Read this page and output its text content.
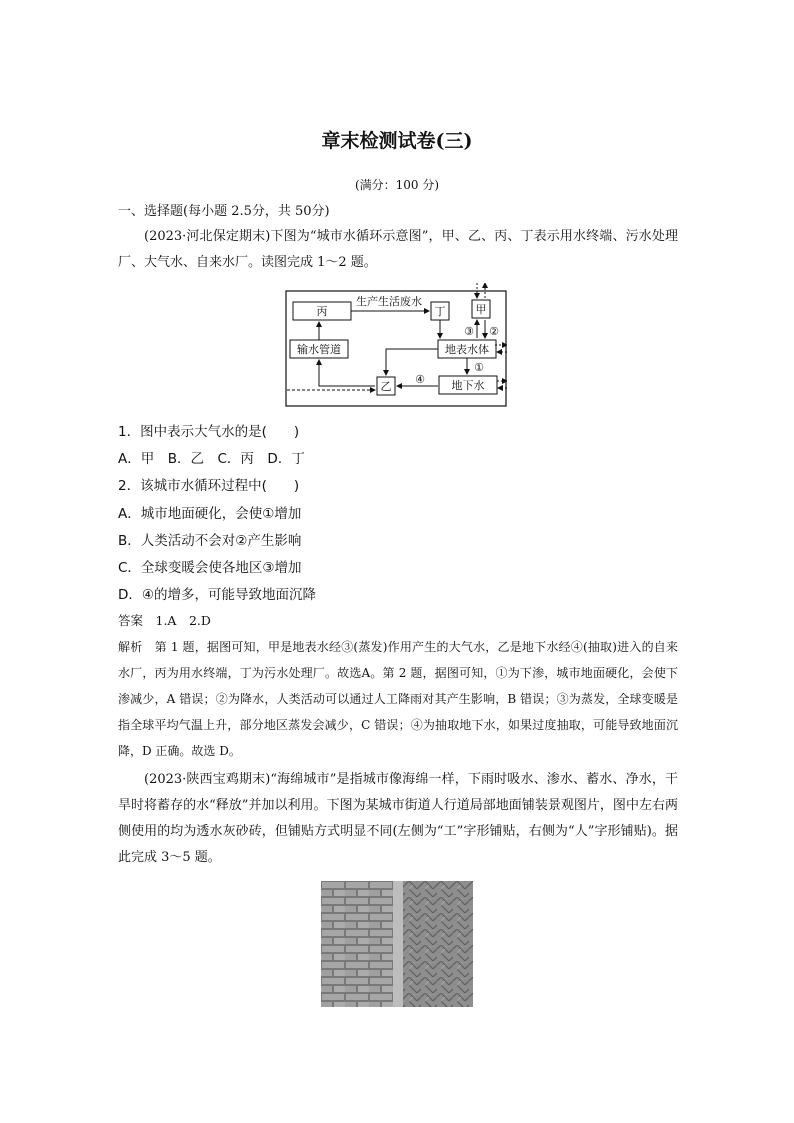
章末检测试卷(三)
(满分：100 分)
一、选择题(每小题 2.5分，共 50分)
(2023·河北保定期末)下图为“城市水循环示意图”，甲、乙、丙、丁表示用水终端、污水处理厂、大气水、自来水厂。读图完成 1～2 题。
丙	丁	甲
输水管道	地表水体
乙	地下水
生产生活废水
③ ②
①
④
1．图中表示大气水的是(　　)
A．甲　B．乙　C．丙　D．丁
2．该城市水循环过程中(　　)
A．城市地面硬化，会使①增加
B．人类活动不会对②产生影响
C．全球变暖会使各地区③增加
D．④的增多，可能导致地面沉降
答案　1.A　2.D
解析　第 1 题，据图可知，甲是地表水经③(蒸发)作用产生的大气水，乙是地下水经④(抽取)进入的自来水厂，丙为用水终端，丁为污水处理厂。故选A。第 2 题，据图可知，①为下渗，城市地面硬化，会使下渗减少，A 错误；②为降水，人类活动可以通过人工降雨对其产生影响，B 错误；③为蒸发，全球变暖是指全球平均气温上升，部分地区蒸发会减少，C 错误；④为抽取地下水，如果过度抽取，可能导致地面沉降，D 正确。故选 D。
(2023·陕西宝鸡期末)“海绵城市”是指城市像海绵一样，下雨时吸水、渗水、蓄水、净水，干旱时将蓄存的水“释放”并加以利用。下图为某城市街道人行道局部地面铺装景观图片，图中左右两侧使用的均为透水灰砂砖，但铺贴方式明显不同(左侧为“工”字形铺贴，右侧为“人”字形铺贴)。据此完成 3～5 题。
